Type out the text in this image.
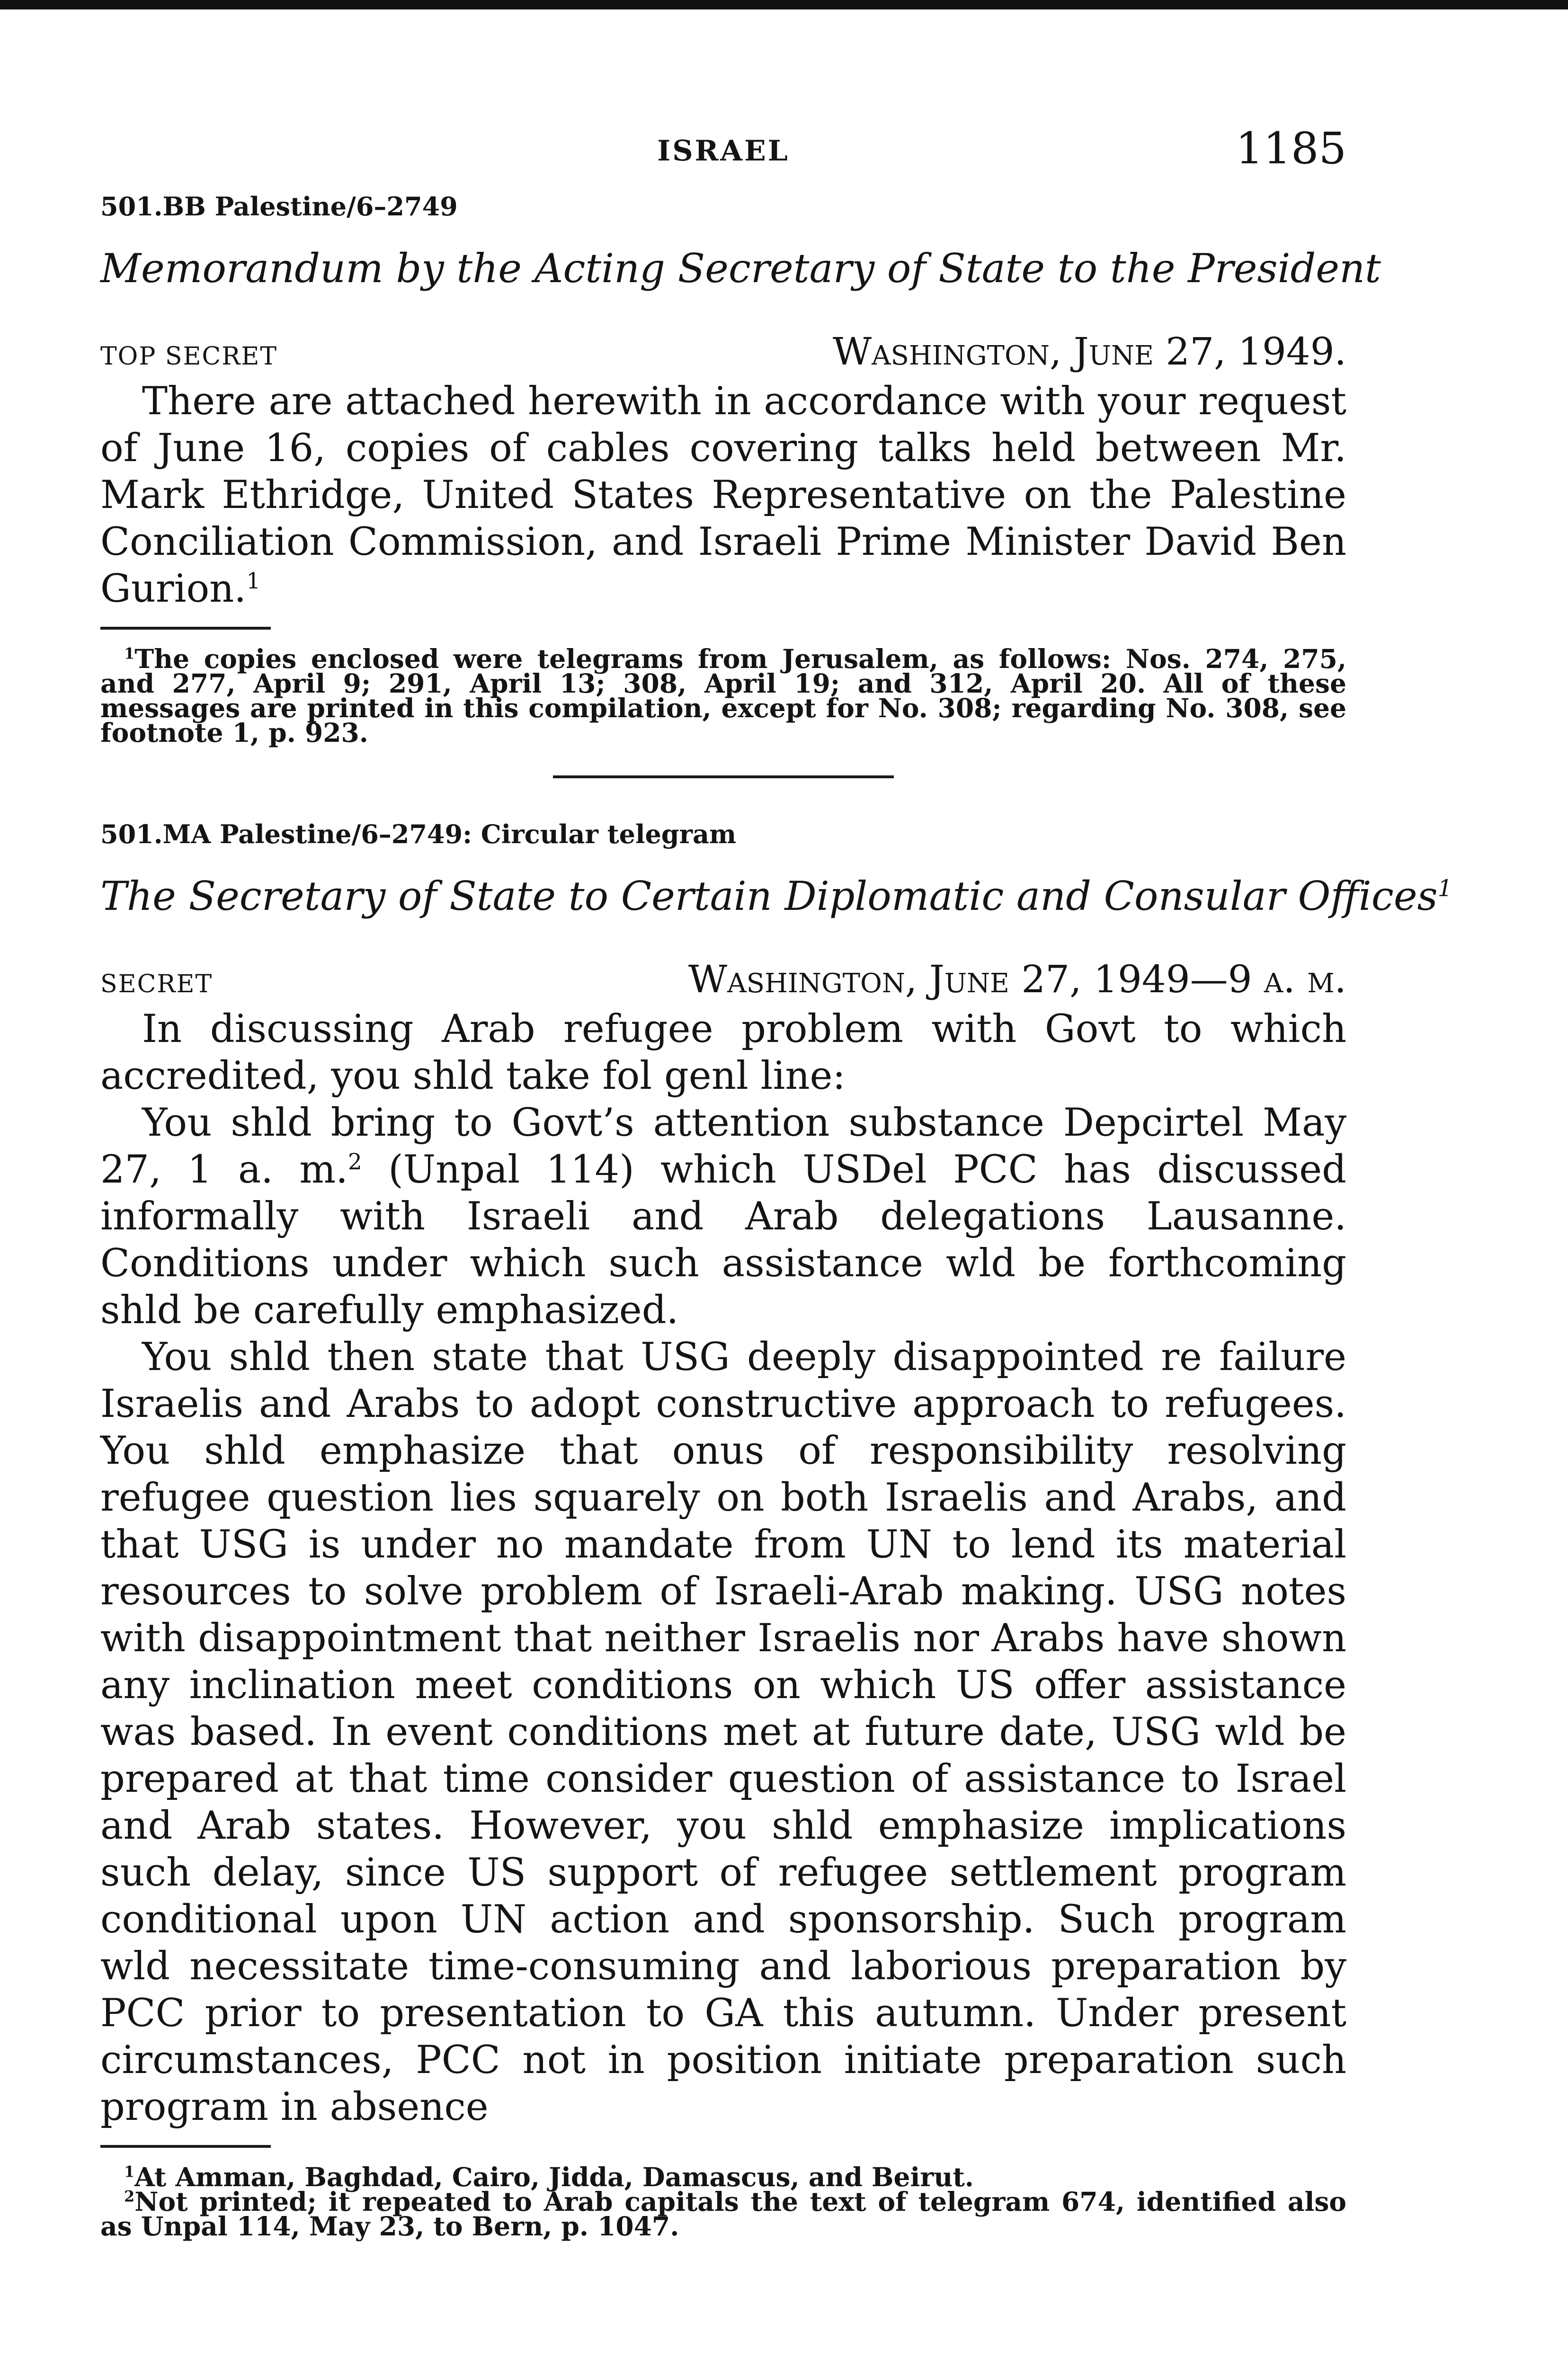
ISRAEL	1185
501.BB Palestine/6–2749
Memorandum by the Acting Secretary of State to the President
TOP SECRET	Washington, June 27, 1949.

There are attached herewith in accordance with your request of June 16, copies of cables covering talks held between Mr. Mark Ethridge, United States Representative on the Palestine Conciliation Commission, and Israeli Prime Minister David Ben Gurion.$^1$

$^1$The copies enclosed were telegrams from Jerusalem, as follows: Nos. 274, 275, and 277, April 9; 291, April 13; 308, April 19; and 312, April 20. All of these messages are printed in this compilation, except for No. 308; regarding No. 308, see footnote 1, p. 923.

501.MA Palestine/6–2749: Circular telegram
The Secretary of State to Certain Diplomatic and Consular Offices$^1$
SECRET	Washington, June 27, 1949—9 a. m.

In discussing Arab refugee problem with Govt to which accredited, you shld take fol genl line:

You shld bring to Govt’s attention substance Depcirtel May 27, 1 a. m.$^2$ (Unpal 114) which USDel PCC has discussed informally with Israeli and Arab delegations Lausanne. Conditions under which such assistance wld be forthcoming shld be carefully emphasized.

You shld then state that USG deeply disappointed re failure Israelis and Arabs to adopt constructive approach to refugees. You shld emphasize that onus of responsibility resolving refugee question lies squarely on both Israelis and Arabs, and that USG is under no mandate from UN to lend its material resources to solve problem of Israeli-Arab making. USG notes with disappointment that neither Israelis nor Arabs have shown any inclination meet conditions on which US offer assistance was based. In event conditions met at future date, USG wld be prepared at that time consider question of assistance to Israel and Arab states. However, you shld emphasize implications such delay, since US support of refugee settlement program conditional upon UN action and sponsorship. Such program wld necessitate time-consuming and laborious preparation by PCC prior to presentation to GA this autumn. Under present circumstances, PCC not in position initiate preparation such program in absence

$^1$At Amman, Baghdad, Cairo, Jidda, Damascus, and Beirut.

$^2$Not printed; it repeated to Arab capitals the text of telegram 674, identified also as Unpal 114, May 23, to Bern, p. 1047.
